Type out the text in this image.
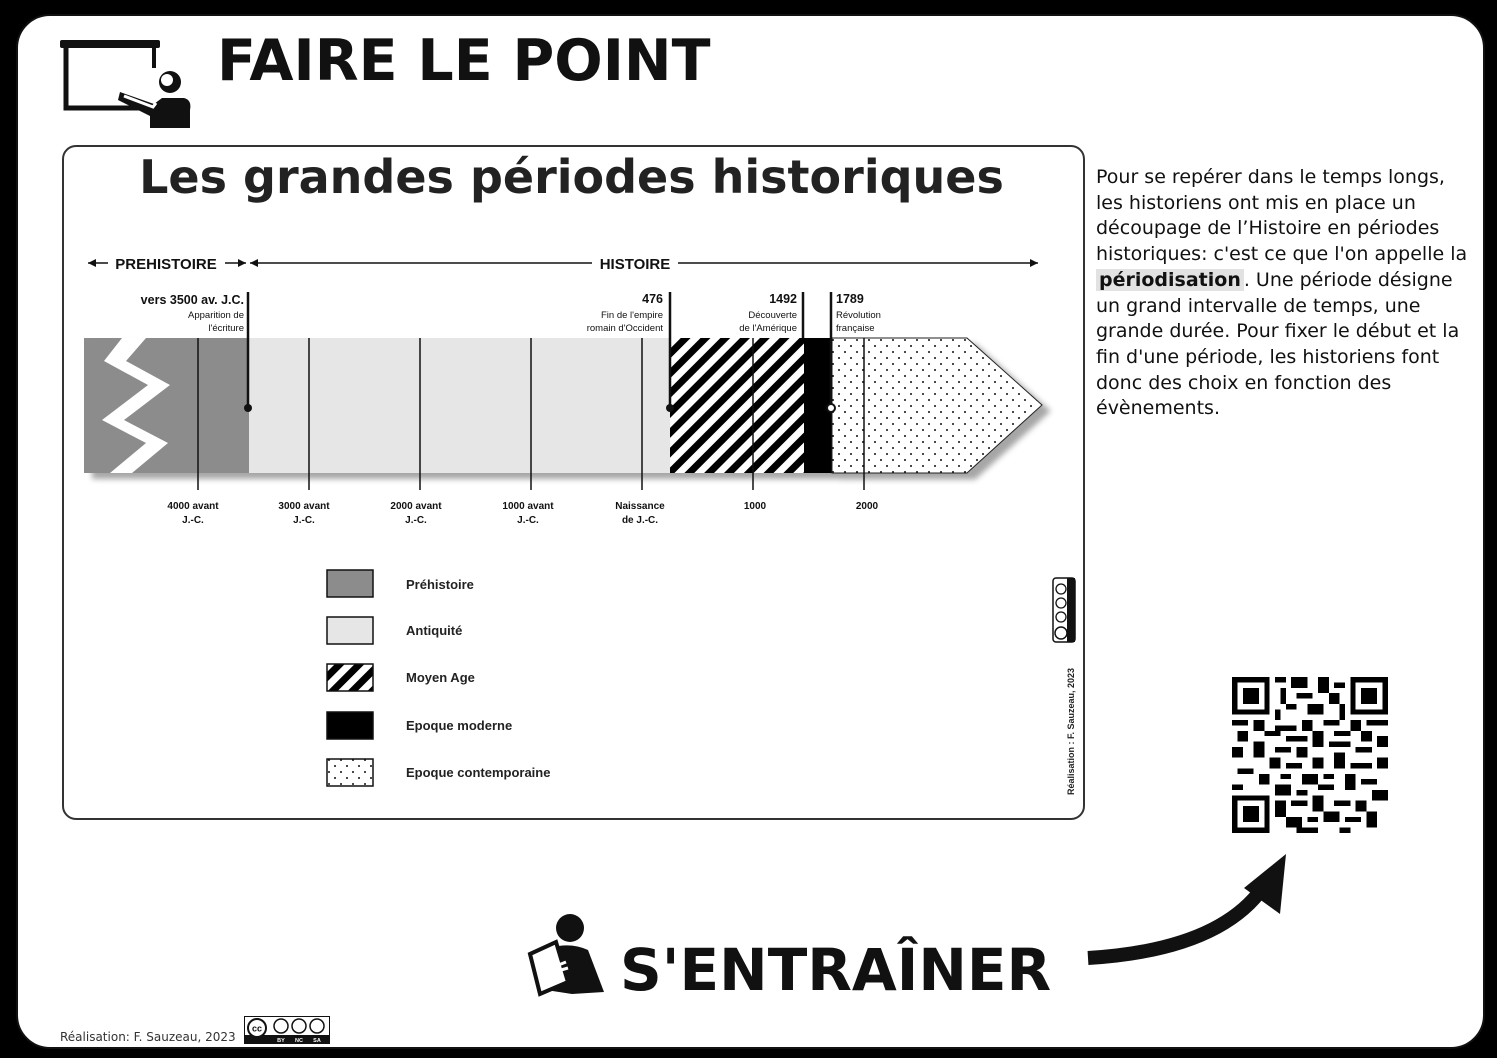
FAIRE LE POINT
Les grandes périodes historiques
PREHISTOIRE	HISTOIRE
vers 3500 av. J.C.
Apparition de
l'écriture
476
Fin de l'empire
romain d'Occident
1492
Découverte
de l'Amérique
1789
Révolution
française
4000 avant
J.-C.
3000 avant
J.-C.
2000 avant
J.-C.
1000 avant
J.-C.
Naissance
de J.-C.
1000	2000
Préhistoire
Antiquité
Moyen Age
Epoque moderne
Epoque contemporaine	Réalisation : F. Sauzeau, 2023
Pour se repérer dans le temps longs, les historiens ont mis en place un découpage de l’Histoire en périodes historiques: c'est ce que l'on appelle la périodisation . Une période désigne un grand intervalle de temps, une grande durée. Pour fixer le début et la fin d'une période, les historiens font donc des choix en fonction des évènements.
S'ENTRAÎNER
Réalisation: F. Sauzeau, 2023
cc
BY NC SA
